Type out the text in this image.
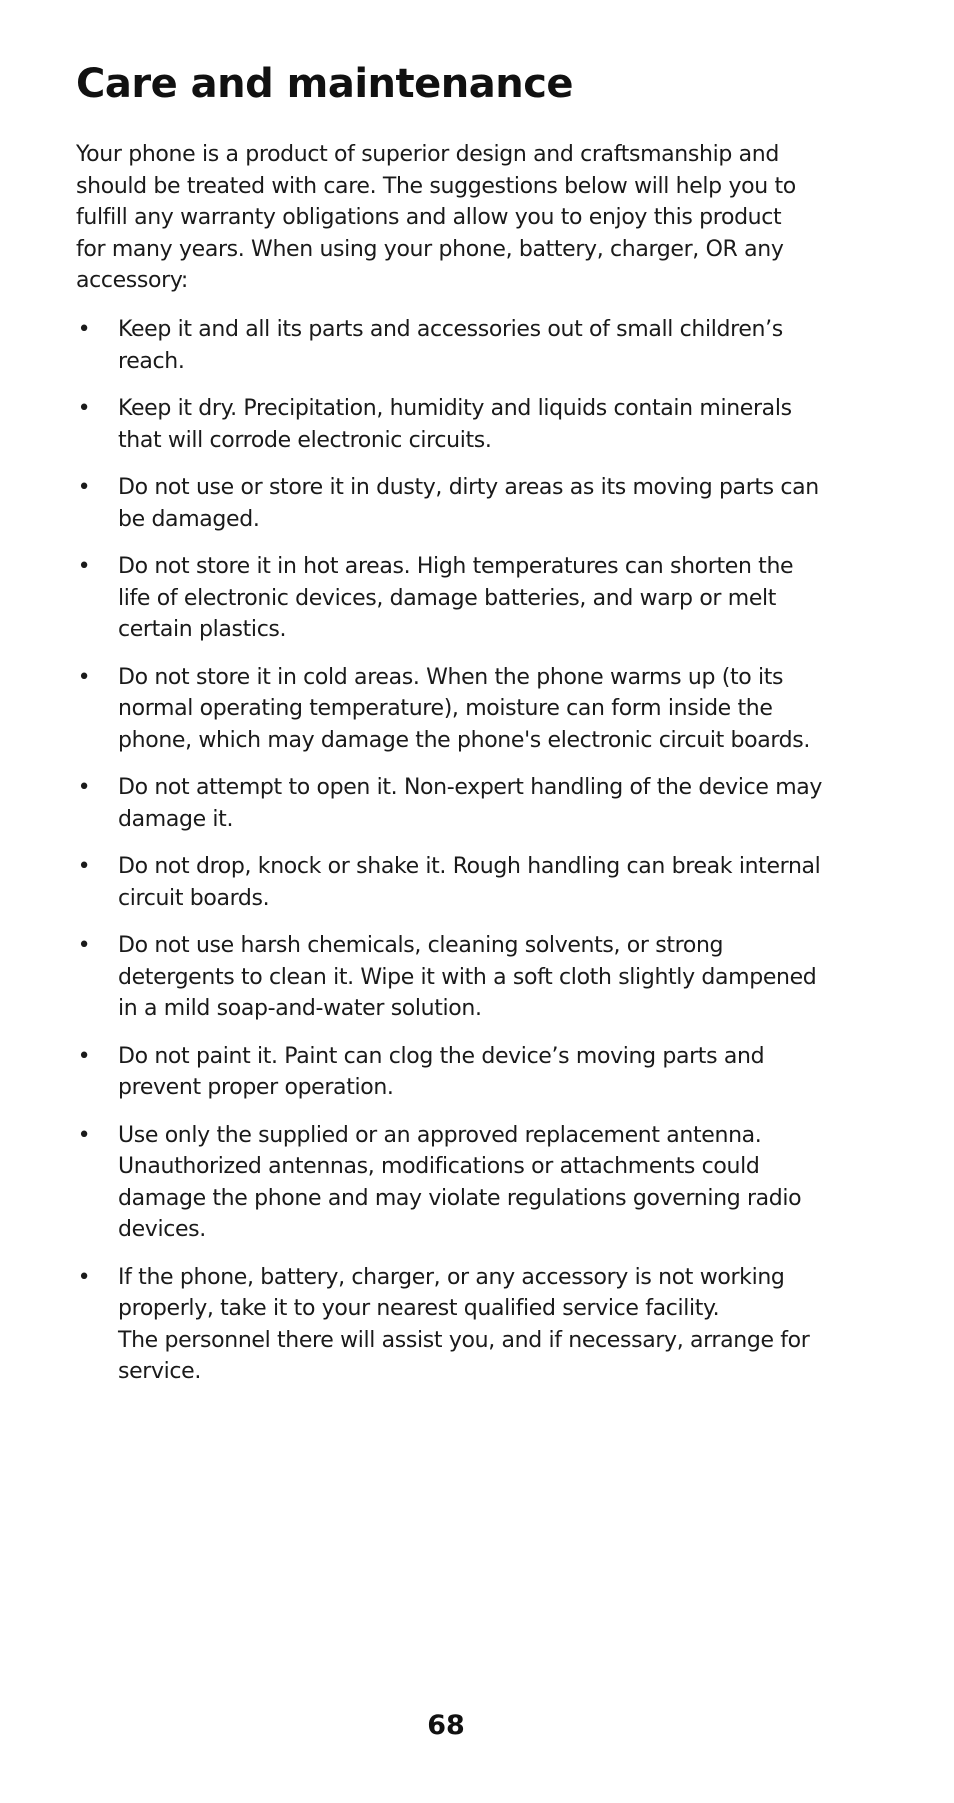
Care and maintenance

Your phone is a product of superior design and craftsmanship and should be treated with care. The suggestions below will help you to fulfill any warranty obligations and allow you to enjoy this product for many years. When using your phone, battery, charger, OR any accessory:

• Keep it and all its parts and accessories out of small children’s reach.
• Keep it dry. Precipitation, humidity and liquids contain minerals that will corrode electronic circuits.
• Do not use or store it in dusty, dirty areas as its moving parts can be damaged.
• Do not store it in hot areas. High temperatures can shorten the life of electronic devices, damage batteries, and warp or melt certain plastics.
• Do not store it in cold areas. When the phone warms up (to its normal operating temperature), moisture can form inside the phone, which may damage the phone's electronic circuit boards.
• Do not attempt to open it. Non-expert handling of the device may damage it.
• Do not drop, knock or shake it. Rough handling can break internal circuit boards.
• Do not use harsh chemicals, cleaning solvents, or strong detergents to clean it. Wipe it with a soft cloth slightly dampened in a mild soap-and-water solution.
• Do not paint it. Paint can clog the device’s moving parts and prevent proper operation.
• Use only the supplied or an approved replacement antenna. Unauthorized antennas, modifications or attachments could damage the phone and may violate regulations governing radio devices.
• If the phone, battery, charger, or any accessory is not working properly, take it to your nearest qualified service facility.
The personnel there will assist you, and if necessary, arrange for service.
68
